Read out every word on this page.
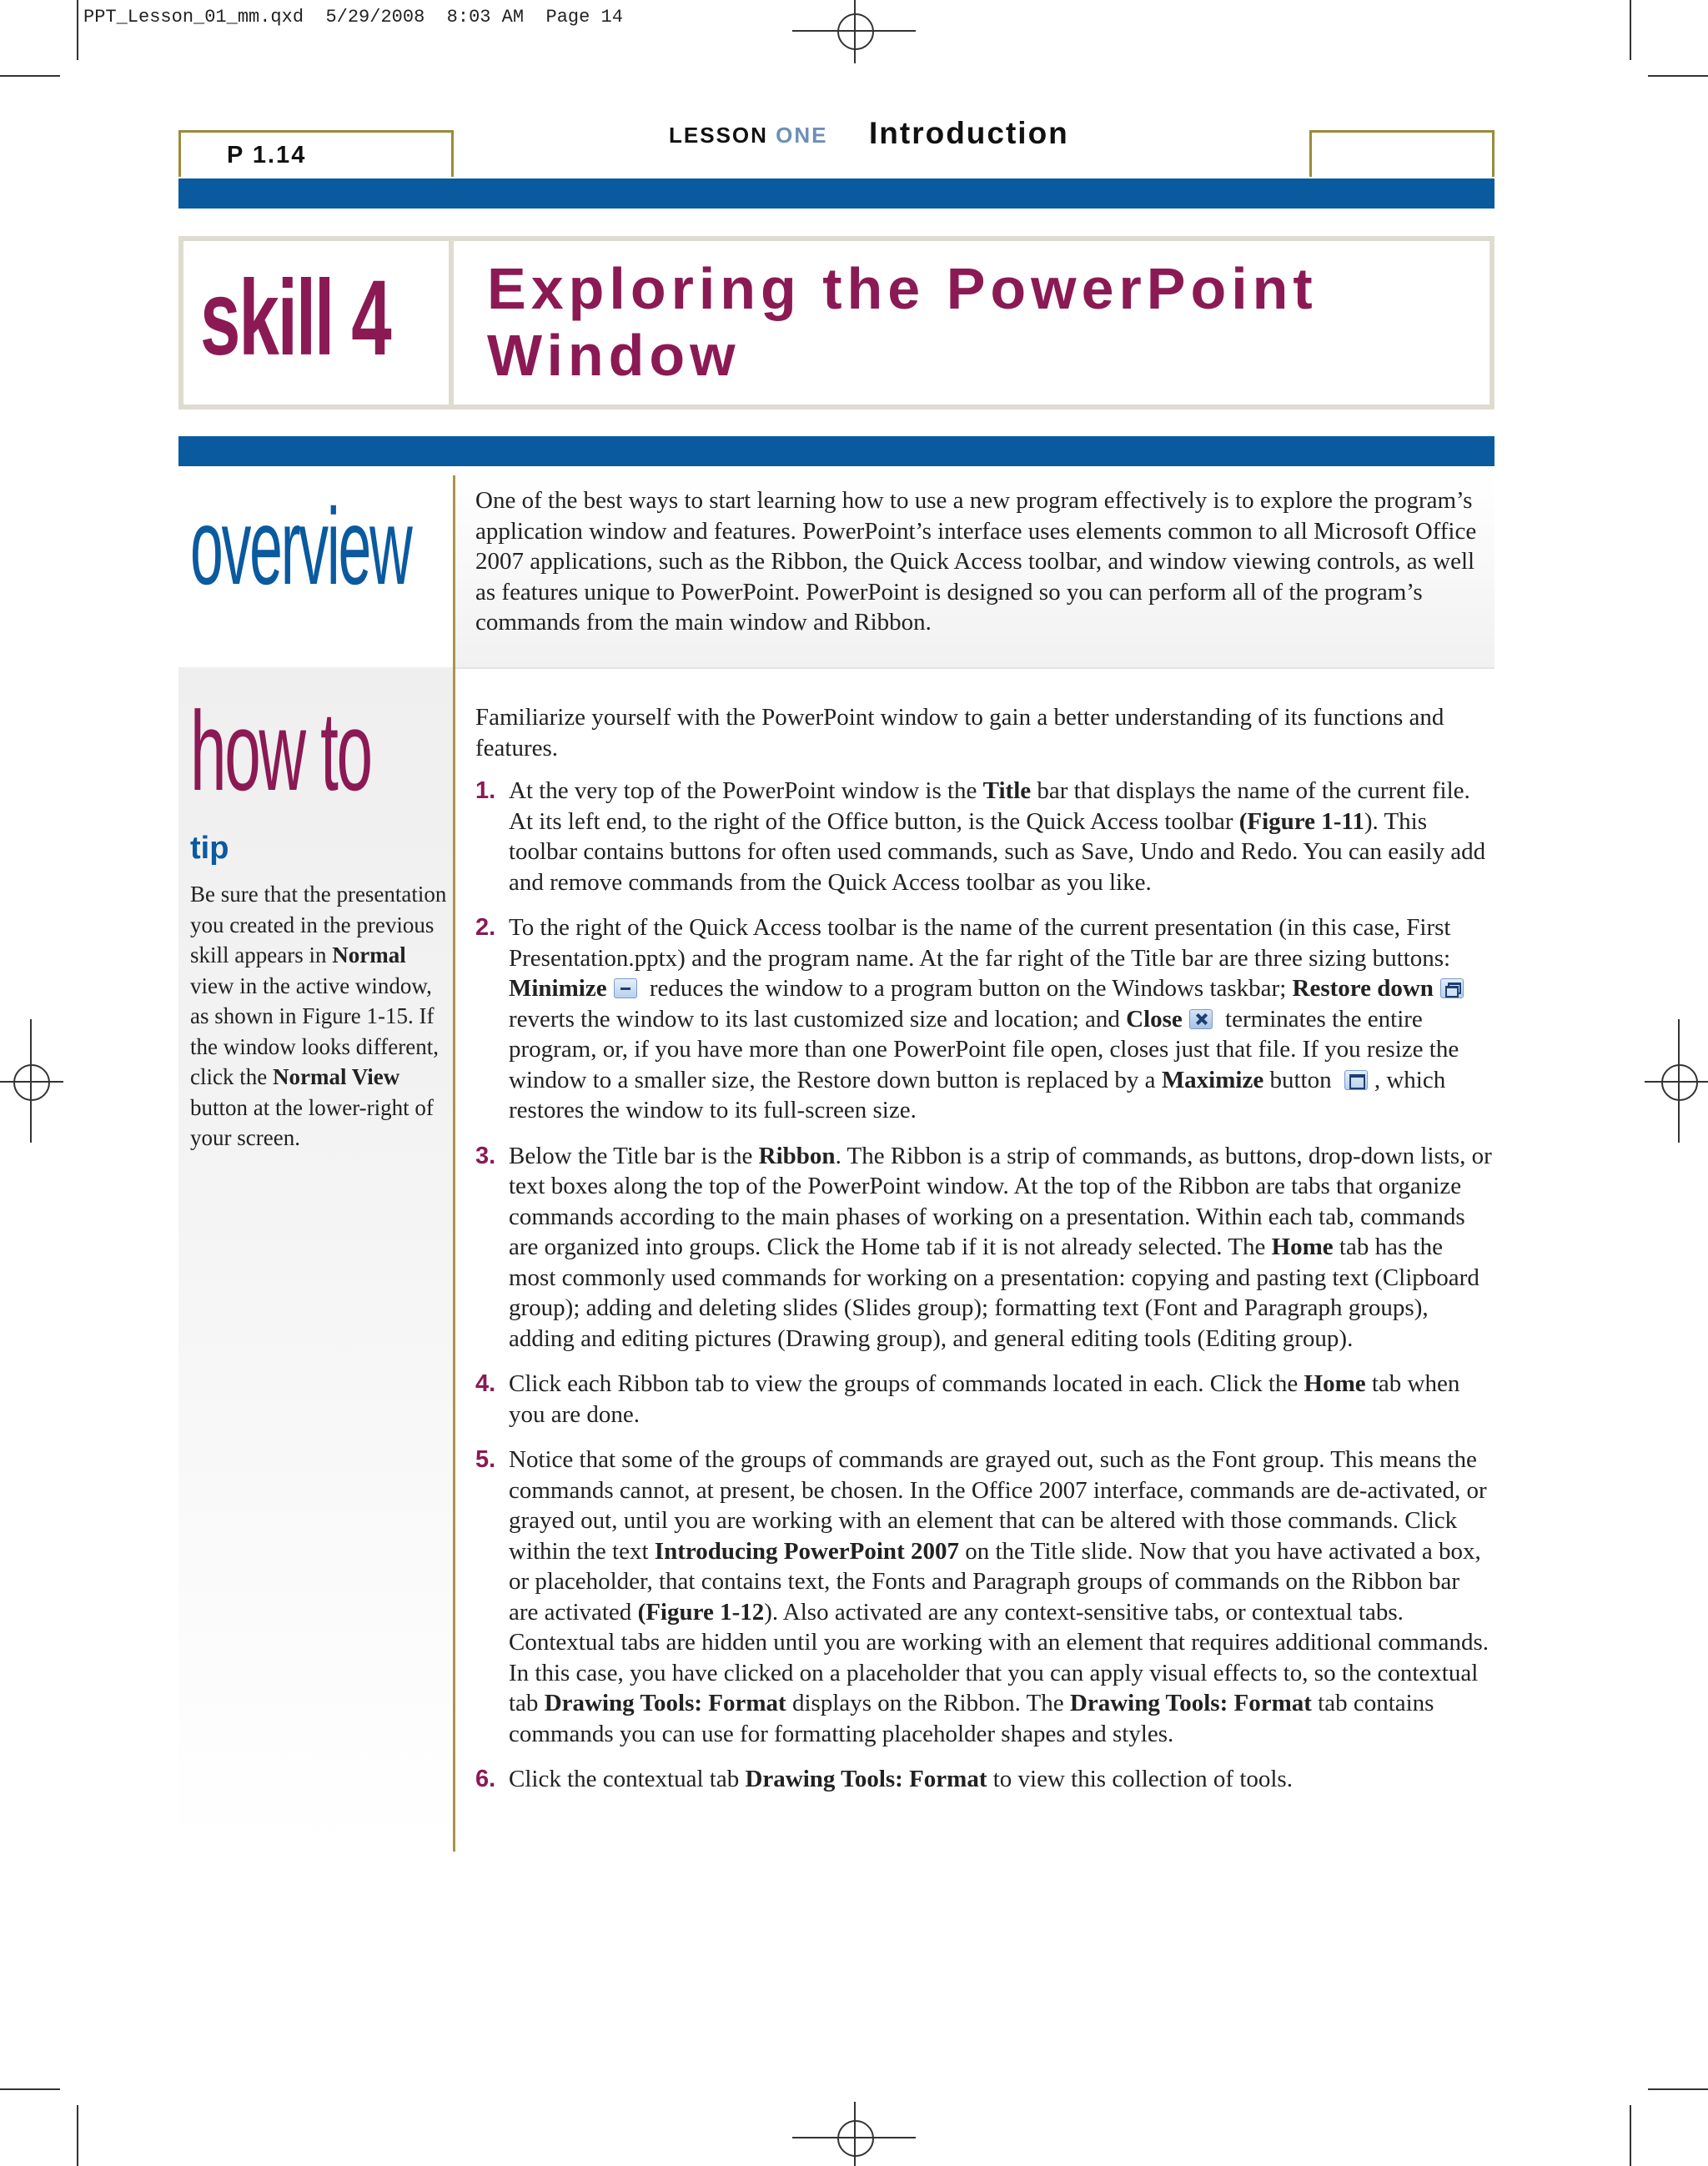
PPT_Lesson_01_mm.qxd  5/29/2008  8:03 AM  Page 14
P 1.14
LESSON ONE Introduction
skill 4 Exploring the PowerPoint Window
overview	One of the best ways to start learning how to use a new program effectively is to explore the program’s application window and features. PowerPoint’s interface uses elements common to all Microsoft Office 2007 applications, such as the Ribbon, the Quick Access toolbar, and window viewing controls, as well as features unique to PowerPoint. PowerPoint is designed so you can perform all of the program’s commands from the main window and Ribbon.
how to
tip
Be sure that the presentation you created in the previous skill appears in Normal view in the active window, as shown in Figure 1-15. If the window looks different, click the Normal View button at the lower-right of your screen.
Familiarize yourself with the PowerPoint window to gain a better understanding of its functions and features.
1. At the very top of the PowerPoint window is the Title bar that displays the name of the current file. At its left end, to the right of the Office button, is the Quick Access toolbar (Figure 1-11). This toolbar contains buttons for often used commands, such as Save, Undo and Redo. You can easily add and remove commands from the Quick Access toolbar as you like.
2. To the right of the Quick Access toolbar is the name of the current presentation (in this case, First Presentation.pptx) and the program name. At the far right of the Title bar are three sizing buttons: Minimize reduces the window to a program button on the Windows taskbar; Restore down reverts the window to its last customized size and location; and Close terminates the entire program, or, if you have more than one PowerPoint file open, closes just that file. If you resize the window to a smaller size, the Restore down button is replaced by a Maximize button , which restores the window to its full-screen size.
3. Below the Title bar is the Ribbon. The Ribbon is a strip of commands, as buttons, drop-down lists, or text boxes along the top of the PowerPoint window. At the top of the Ribbon are tabs that organize commands according to the main phases of working on a presentation. Within each tab, commands are organized into groups. Click the Home tab if it is not already selected. The Home tab has the most commonly used commands for working on a presentation: copying and pasting text (Clipboard group); adding and deleting slides (Slides group); formatting text (Font and Paragraph groups), adding and editing pictures (Drawing group), and general editing tools (Editing group).
4. Click each Ribbon tab to view the groups of commands located in each. Click the Home tab when you are done.
5. Notice that some of the groups of commands are grayed out, such as the Font group. This means the commands cannot, at present, be chosen. In the Office 2007 interface, commands are de-activated, or grayed out, until you are working with an element that can be altered with those commands. Click within the text Introducing PowerPoint 2007 on the Title slide. Now that you have activated a box, or placeholder, that contains text, the Fonts and Paragraph groups of commands on the Ribbon bar are activated (Figure 1-12). Also activated are any context-sensitive tabs, or contextual tabs. Contextual tabs are hidden until you are working with an element that requires additional commands. In this case, you have clicked on a placeholder that you can apply visual effects to, so the contextual tab Drawing Tools: Format displays on the Ribbon. The Drawing Tools: Format tab contains commands you can use for formatting placeholder shapes and styles.
6. Click the contextual tab Drawing Tools: Format to view this collection of tools.
